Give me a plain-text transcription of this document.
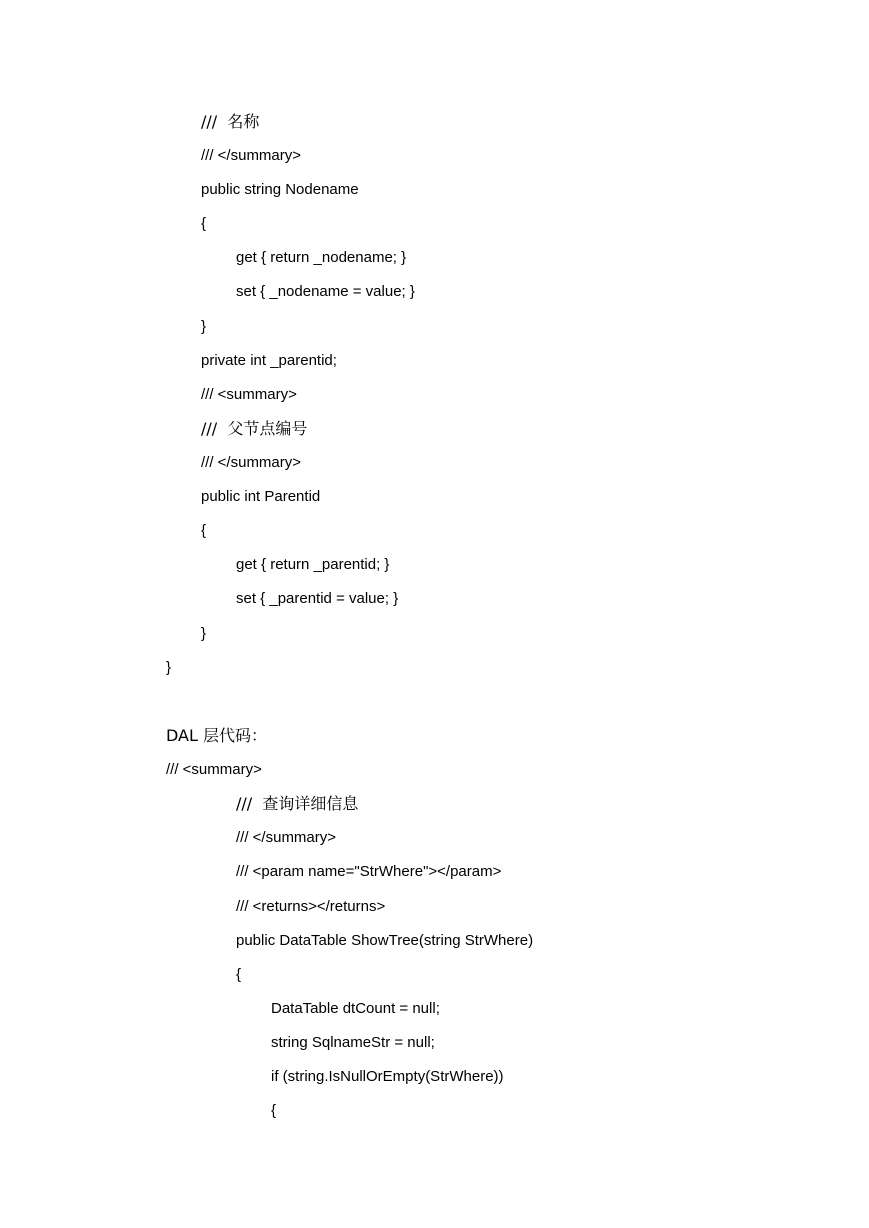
///  名称
/// </summary>
public string Nodename
{
get { return _nodename; }
set { _nodename = value; }
}
private int _parentid;
/// <summary>
///  父节点编号
/// </summary>
public int Parentid
{
get { return _parentid; }
set { _parentid = value; }
}
}
DAL 层代码：
/// <summary>
///  查询详细信息
/// </summary>
/// <param name="StrWhere"></param>
/// <returns></returns>
public DataTable ShowTree(string StrWhere)
{
DataTable dtCount = null;
string SqlnameStr = null;
if (string.IsNullOrEmpty(StrWhere))
{
